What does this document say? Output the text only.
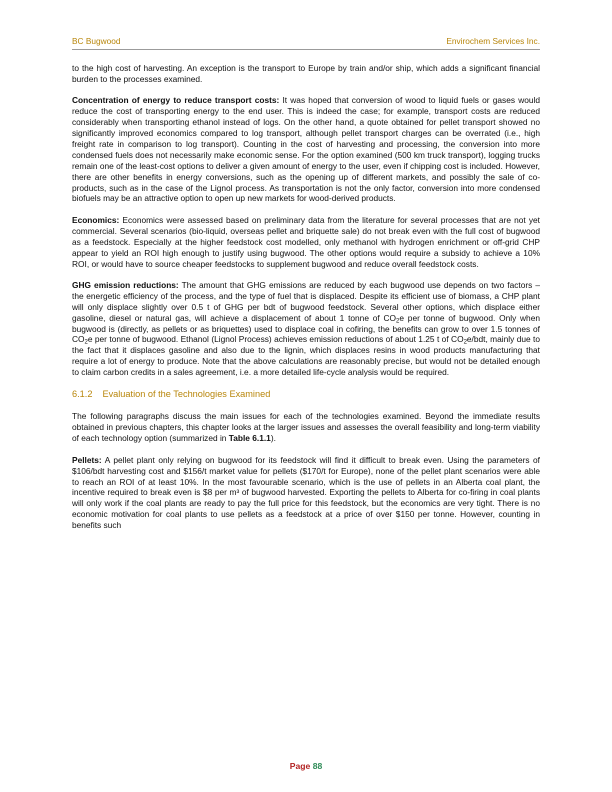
BC Bugwood	Envirochem Services Inc.

to the high cost of harvesting. An exception is the transport to Europe by train and/or ship, which adds a significant financial burden to the processes examined.

Concentration of energy to reduce transport costs: It was hoped that conversion of wood to liquid fuels or gases would reduce the cost of transporting energy to the end user. This is indeed the case; for example, transport costs are reduced considerably when transporting ethanol instead of logs. On the other hand, a quote obtained for pellet transport showed no significantly improved economics compared to log transport, although pellet transport charges can be overrated (i.e., high freight rate in comparison to log transport). Counting in the cost of harvesting and processing, the conversion into more condensed fuels does not necessarily make economic sense. For the option examined (500 km truck transport), logging trucks remain one of the least-cost options to deliver a given amount of energy to the user, even if chipping cost is included. However, there are other benefits in energy conversions, such as the opening up of different markets, and possibly the sale of co-products, such as in the case of the Lignol process. As transportation is not the only factor, conversion into more condensed biofuels may be an attractive option to open up new markets for wood-derived products.

Economics: Economics were assessed based on preliminary data from the literature for several processes that are not yet commercial. Several scenarios (bio-liquid, overseas pellet and briquette sale) do not break even with the full cost of bugwood as a feedstock. Especially at the higher feedstock cost modelled, only methanol with hydrogen enrichment or off-grid CHP appear to yield an ROI high enough to justify using bugwood. The other options would require a subsidy to achieve a 10% ROI, or would have to source cheaper feedstocks to supplement bugwood and reduce overall feedstock costs.

GHG emission reductions: The amount that GHG emissions are reduced by each bugwood use depends on two factors – the energetic efficiency of the process, and the type of fuel that is displaced. Despite its efficient use of biomass, a CHP plant will only displace slightly over 0.5 t of GHG per bdt of bugwood feedstock. Several other options, which displace either gasoline, diesel or natural gas, will achieve a displacement of about 1 tonne of $CO_2e$ per tonne of bugwood. Only when bugwood is (directly, as pellets or as briquettes) used to displace coal in cofiring, the benefits can grow to over 1.5 tonnes of $CO_2e$ per tonne of bugwood. Ethanol (Lignol Process) achieves emission reductions of about 1.25 t of $CO_2e$/bdt, mainly due to the fact that it displaces gasoline and also due to the lignin, which displaces resins in wood products manufacturing that require a lot of energy to produce. Note that the above calculations are reasonably precise, but would not be detailed enough to claim carbon credits in a sales agreement, i.e. a more detailed life-cycle analysis would be required.

6.1.2 Evaluation of the Technologies Examined

The following paragraphs discuss the main issues for each of the technologies examined. Beyond the immediate results obtained in previous chapters, this chapter looks at the larger issues and assesses the overall feasibility and long-term viability of each technology option (summarized in Table 6.1.1).

Pellets: A pellet plant only relying on bugwood for its feedstock will find it difficult to break even. Using the parameters of $106/bdt harvesting cost and $156/t market value for pellets ($170/t for Europe), none of the pellet plant scenarios were able to reach an ROI of at least 10%. In the most favourable scenario, which is the use of pellets in an Alberta coal plant, the incentive required to break even is $8 per m³ of bugwood harvested. Exporting the pellets to Alberta for co-firing in coal plants will only work if the coal plants are ready to pay the full price for this feedstock, but the economics are very tight. There is no economic motivation for coal plants to use pellets as a feedstock at a price of over $150 per tonne. However, counting in benefits such

Page 88
